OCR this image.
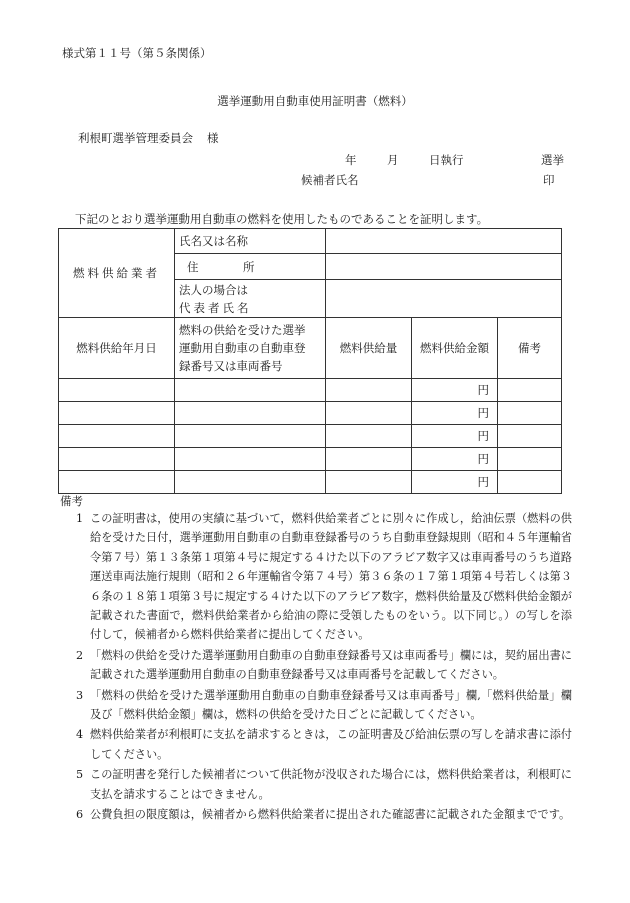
様式第１１号（第５条関係）
選挙運動用自動車使用証明書（燃料）
利根町選挙管理委員会 様
年	月	日執行	選挙
候補者氏名	印
下記のとおり選挙運動用自動車の燃料を使用したものであることを証明します。
燃料供給業者	氏名又は名称			
	住 所			

	法人の場合は
代表者氏名			

燃料供給年月日	燃料の供給を受けた選挙
運動用自動車の自動車登
録番号又は車両番号	燃料供給量	燃料供給金額	備考
			円	
			円	
			円	
			円	
			円	
備考
1 この証明書は，使用の実績に基づいて，燃料供給業者ごとに別々に作成し，給油伝票（燃料の供給を受けた日付，選挙運動用自動車の自動車登録番号のうち自動車登録規則（昭和４５年運輸省令第７号）第１３条第１項第４号に規定する４けた以下のアラビア数字又は車両番号のうち道路運送車両法施行規則（昭和２６年運輸省令第７４号）第３６条の１７第１項第４号若しくは第３６条の１８第１項第３号に規定する４けた以下のアラビア数字，燃料供給量及び燃料供給金額が記載された書面で，燃料供給業者から給油の際に受領したものをいう。以下同じ。）の写しを添付して，候補者から燃料供給業者に提出してください。
2 「燃料の供給を受けた選挙運動用自動車の自動車登録番号又は車両番号」欄には，契約届出書に記載された選挙運動用自動車の自動車登録番号又は車両番号を記載してください。
3 「燃料の供給を受けた選挙運動用自動車の自動車登録番号又は車両番号」欄,「燃料供給量」欄及び「燃料供給金額」欄は，燃料の供給を受けた日ごとに記載してください。
4 燃料供給業者が利根町に支払を請求するときは，この証明書及び給油伝票の写しを請求書に添付してください。
5 この証明書を発行した候補者について供託物が没収された場合には，燃料供給業者は，利根町に支払を請求することはできません。
6 公費負担の限度額は，候補者から燃料供給業者に提出された確認書に記載された金額までです。
